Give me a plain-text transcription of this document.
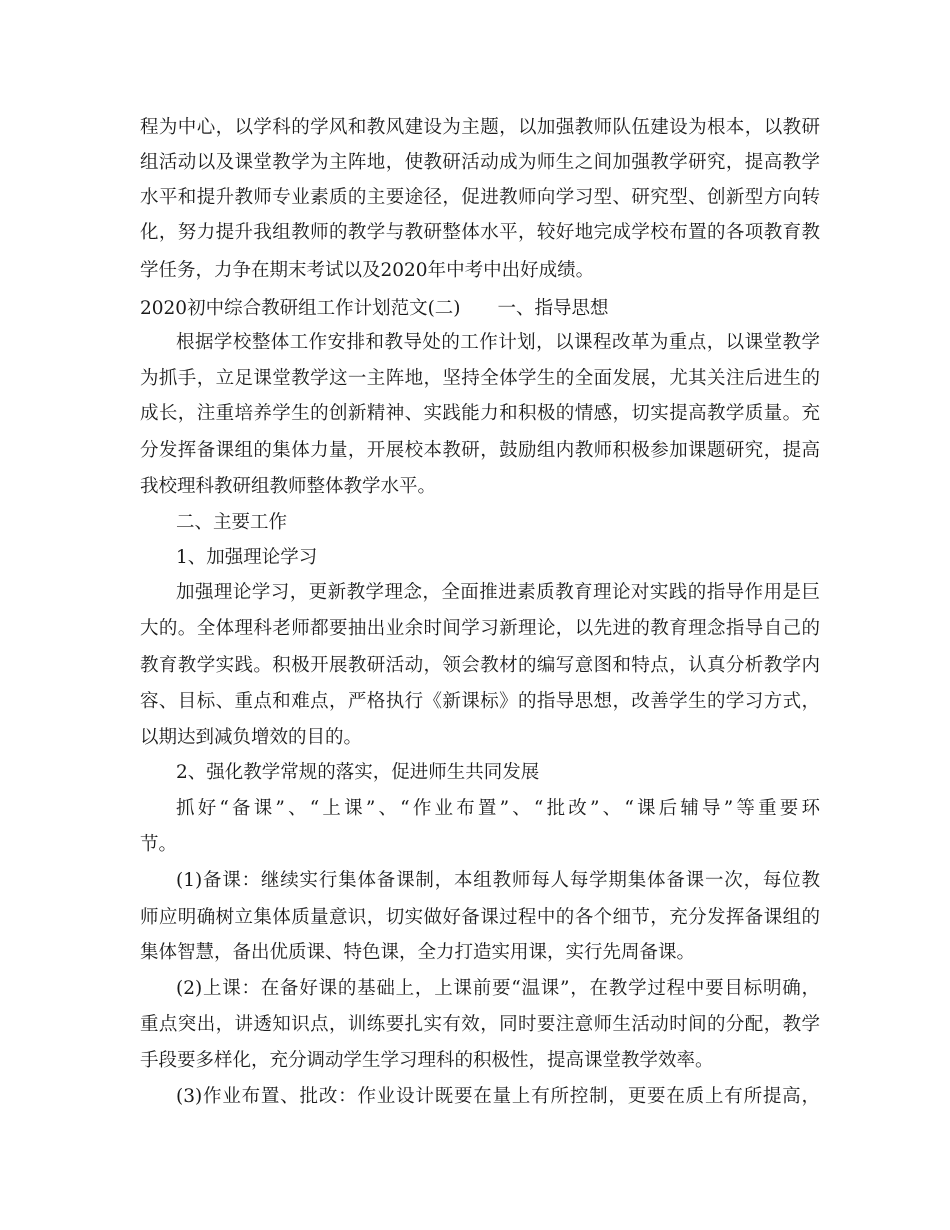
程为中心，以学科的学风和教风建设为主题，以加强教师队伍建设为根本，以教研
组活动以及课堂教学为主阵地，使教研活动成为师生之间加强教学研究，提高教学
水平和提升教师专业素质的主要途径，促进教师向学习型、研究型、创新型方向转
化，努力提升我组教师的教学与教研整体水平，较好地完成学校布置的各项教育教
学任务，力争在期末考试以及2020年中考中出好成绩。
2020初中综合教研组工作计划范文(二)　　一、指导思想
根据学校整体工作安排和教导处的工作计划，以课程改革为重点，以课堂教学
为抓手，立足课堂教学这一主阵地，坚持全体学生的全面发展，尤其关注后进生的
成长，注重培养学生的创新精神、实践能力和积极的情感，切实提高教学质量。充
分发挥备课组的集体力量，开展校本教研，鼓励组内教师积极参加课题研究，提高
我校理科教研组教师整体教学水平。
二、主要工作
1、加强理论学习
加强理论学习，更新教学理念，全面推进素质教育理论对实践的指导作用是巨
大的。全体理科老师都要抽出业余时间学习新理论，以先进的教育理念指导自己的
教育教学实践。积极开展教研活动，领会教材的编写意图和特点，认真分析教学内
容、目标、重点和难点，严格执行《新课标》的指导思想，改善学生的学习方式，
以期达到减负增效的目的。
2、强化教学常规的落实，促进师生共同发展
抓好“备课”、“上课”、“作业布置”、“批改”、“课后辅导”等重要环
节。
(1)备课：继续实行集体备课制，本组教师每人每学期集体备课一次，每位教
师应明确树立集体质量意识，切实做好备课过程中的各个细节，充分发挥备课组的
集体智慧，备出优质课、特色课，全力打造实用课，实行先周备课。
(2)上课：在备好课的基础上，上课前要“温课”，在教学过程中要目标明确，
重点突出，讲透知识点，训练要扎实有效，同时要注意师生活动时间的分配，教学
手段要多样化，充分调动学生学习理科的积极性，提高课堂教学效率。
(3)作业布置、批改：作业设计既要在量上有所控制，更要在质上有所提高，
